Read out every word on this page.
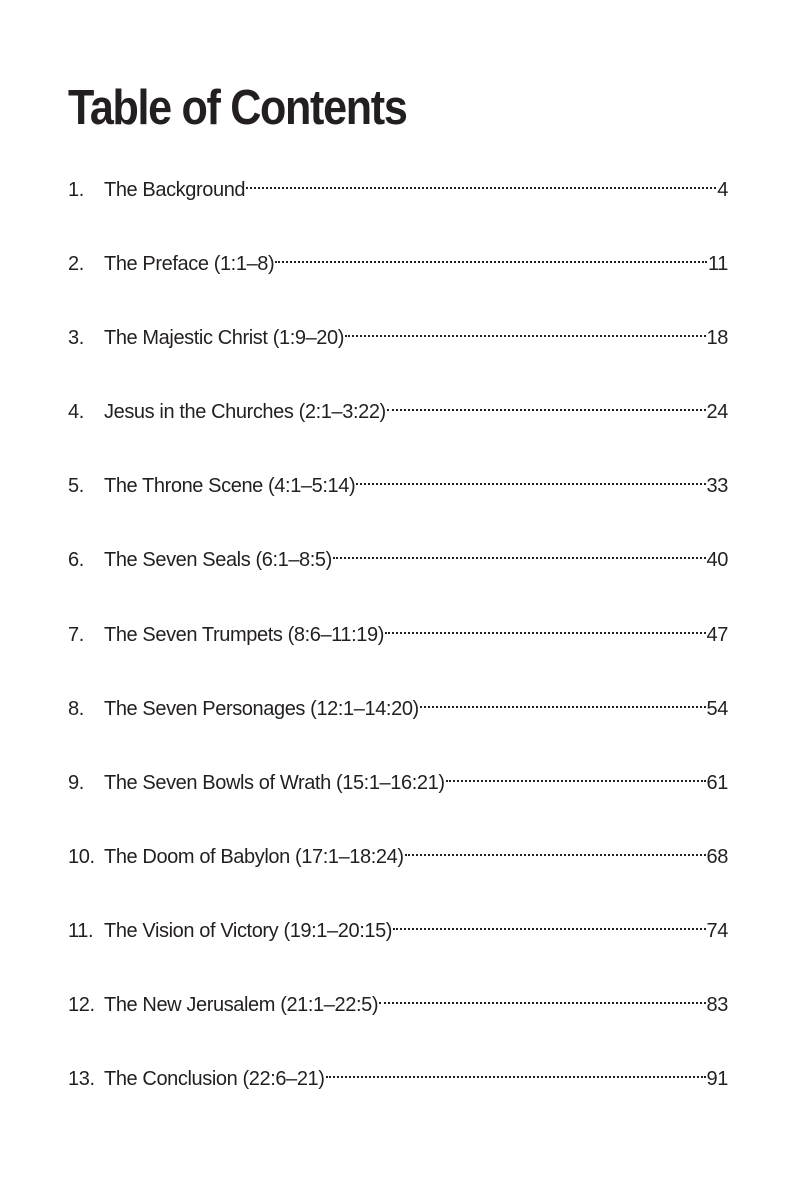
Table of Contents
1.	The Background	4
2.	The Preface (1:1–8)	11
3.	The Majestic Christ (1:9–20)	18
4.	Jesus in the Churches (2:1–3:22)	24
5.	The Throne Scene (4:1–5:14)	33
6.	The Seven Seals (6:1–8:5)	40
7.	The Seven Trumpets (8:6–11:19)	47
8.	The Seven Personages (12:1–14:20)	54
9.	The Seven Bowls of Wrath (15:1–16:21)	61
10. The Doom of Babylon (17:1–18:24)	68
11. The Vision of Victory (19:1–20:15)	74
12. The New Jerusalem (21:1–22:5)	83
13. The Conclusion (22:6–21)	91
